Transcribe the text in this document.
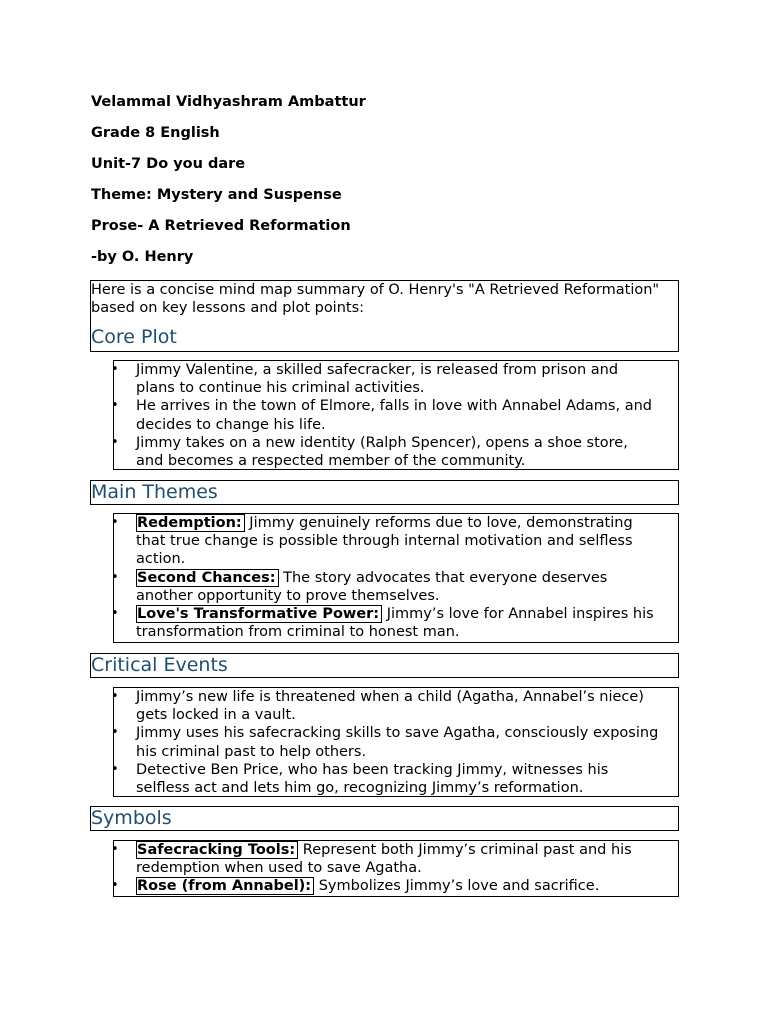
Velammal Vidhyashram Ambattur
Grade 8 English
Unit-7 Do you dare
Theme: Mystery and Suspense
Prose- A Retrieved Reformation
-by O. Henry
Here is a concise mind map summary of O. Henry's "A Retrieved Reformation" based on key lessons and plot points:
Core Plot
• Jimmy Valentine, a skilled safecracker, is released from prison and plans to continue his criminal activities.
• He arrives in the town of Elmore, falls in love with Annabel Adams, and decides to change his life.
• Jimmy takes on a new identity (Ralph Spencer), opens a shoe store, and becomes a respected member of the community.
Main Themes
• Redemption: Jimmy genuinely reforms due to love, demonstrating that true change is possible through internal motivation and selfless action.
• Second Chances: The story advocates that everyone deserves another opportunity to prove themselves.
• Love's Transformative Power: Jimmy’s love for Annabel inspires his transformation from criminal to honest man.
Critical Events
• Jimmy’s new life is threatened when a child (Agatha, Annabel’s niece) gets locked in a vault.
• Jimmy uses his safecracking skills to save Agatha, consciously exposing his criminal past to help others.
• Detective Ben Price, who has been tracking Jimmy, witnesses his selfless act and lets him go, recognizing Jimmy’s reformation.
Symbols
• Safecracking Tools: Represent both Jimmy’s criminal past and his redemption when used to save Agatha.
• Rose (from Annabel): Symbolizes Jimmy’s love and sacrifice.
